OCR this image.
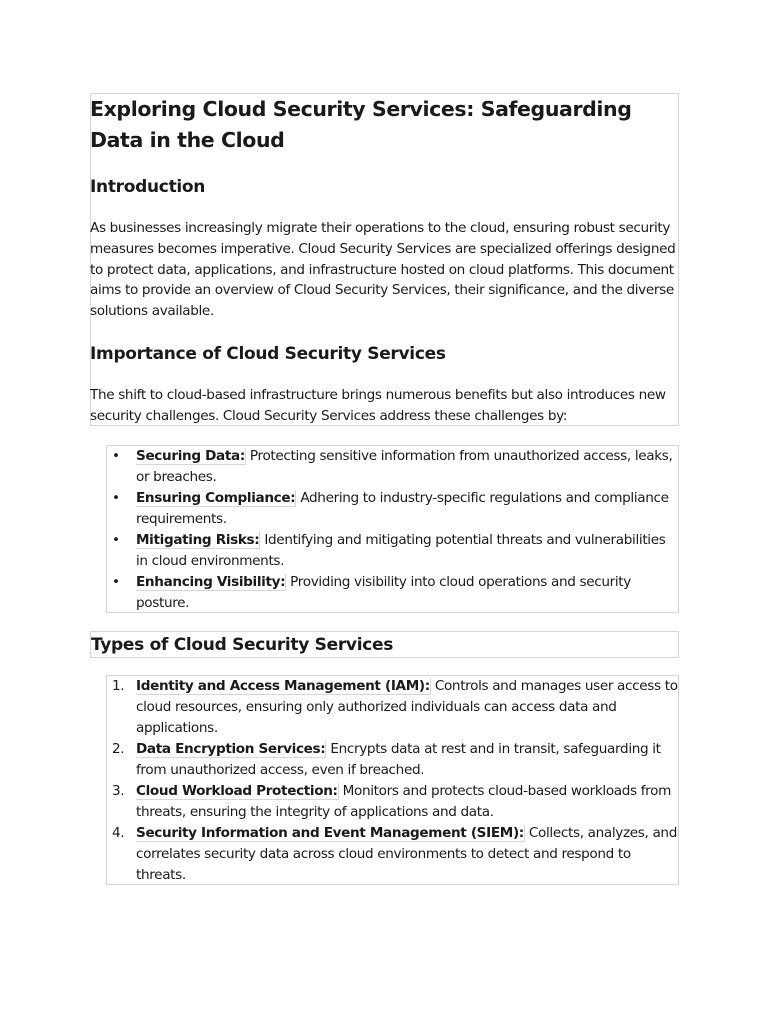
Exploring Cloud Security Services: Safeguarding Data in the Cloud
Introduction

As businesses increasingly migrate their operations to the cloud, ensuring robust security measures becomes imperative. Cloud Security Services are specialized offerings designed to protect data, applications, and infrastructure hosted on cloud platforms. This document aims to provide an overview of Cloud Security Services, their significance, and the diverse solutions available.

Importance of Cloud Security Services

The shift to cloud-based infrastructure brings numerous benefits but also introduces new security challenges. Cloud Security Services address these challenges by:

•	Securing Data: Protecting sensitive information from unauthorized access, leaks, or breaches.
•	Ensuring Compliance: Adhering to industry-specific regulations and compliance requirements.
•	Mitigating Risks: Identifying and mitigating potential threats and vulnerabilities in cloud environments.
•	Enhancing Visibility: Providing visibility into cloud operations and security posture.
Types of Cloud Security Services
1. Identity and Access Management (IAM): Controls and manages user access to cloud resources, ensuring only authorized individuals can access data and applications.
2. Data Encryption Services: Encrypts data at rest and in transit, safeguarding it from unauthorized access, even if breached.
3. Cloud Workload Protection: Monitors and protects cloud-based workloads from threats, ensuring the integrity of applications and data.
4. Security Information and Event Management (SIEM): Collects, analyzes, and correlates security data across cloud environments to detect and respond to threats.
